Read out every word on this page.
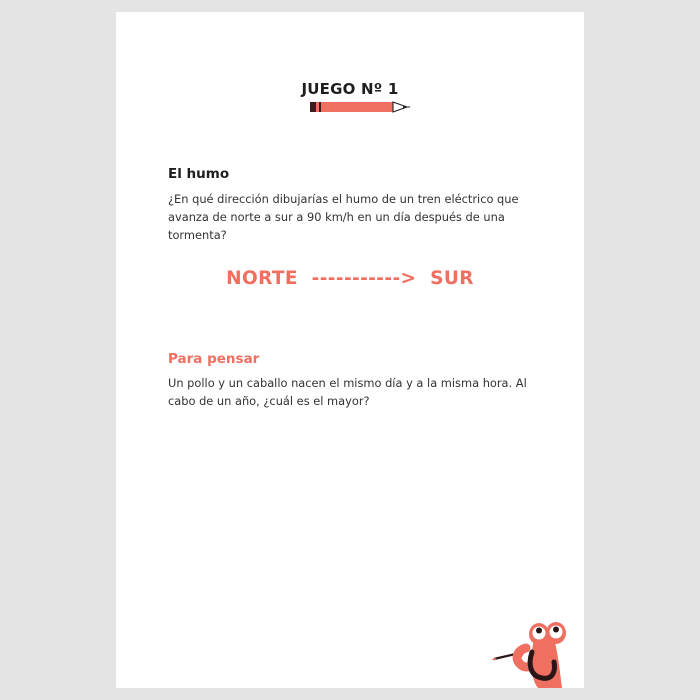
JUEGO Nº 1
El humo
¿En qué dirección dibujarías el humo de un tren eléctrico que avanza de norte a sur a 90 km/h en un día después de una tormenta?
NORTE  ----------->  SUR
Para pensar
Un pollo y un caballo nacen el mismo día y a la misma hora. Al cabo de un año, ¿cuál es el mayor?
